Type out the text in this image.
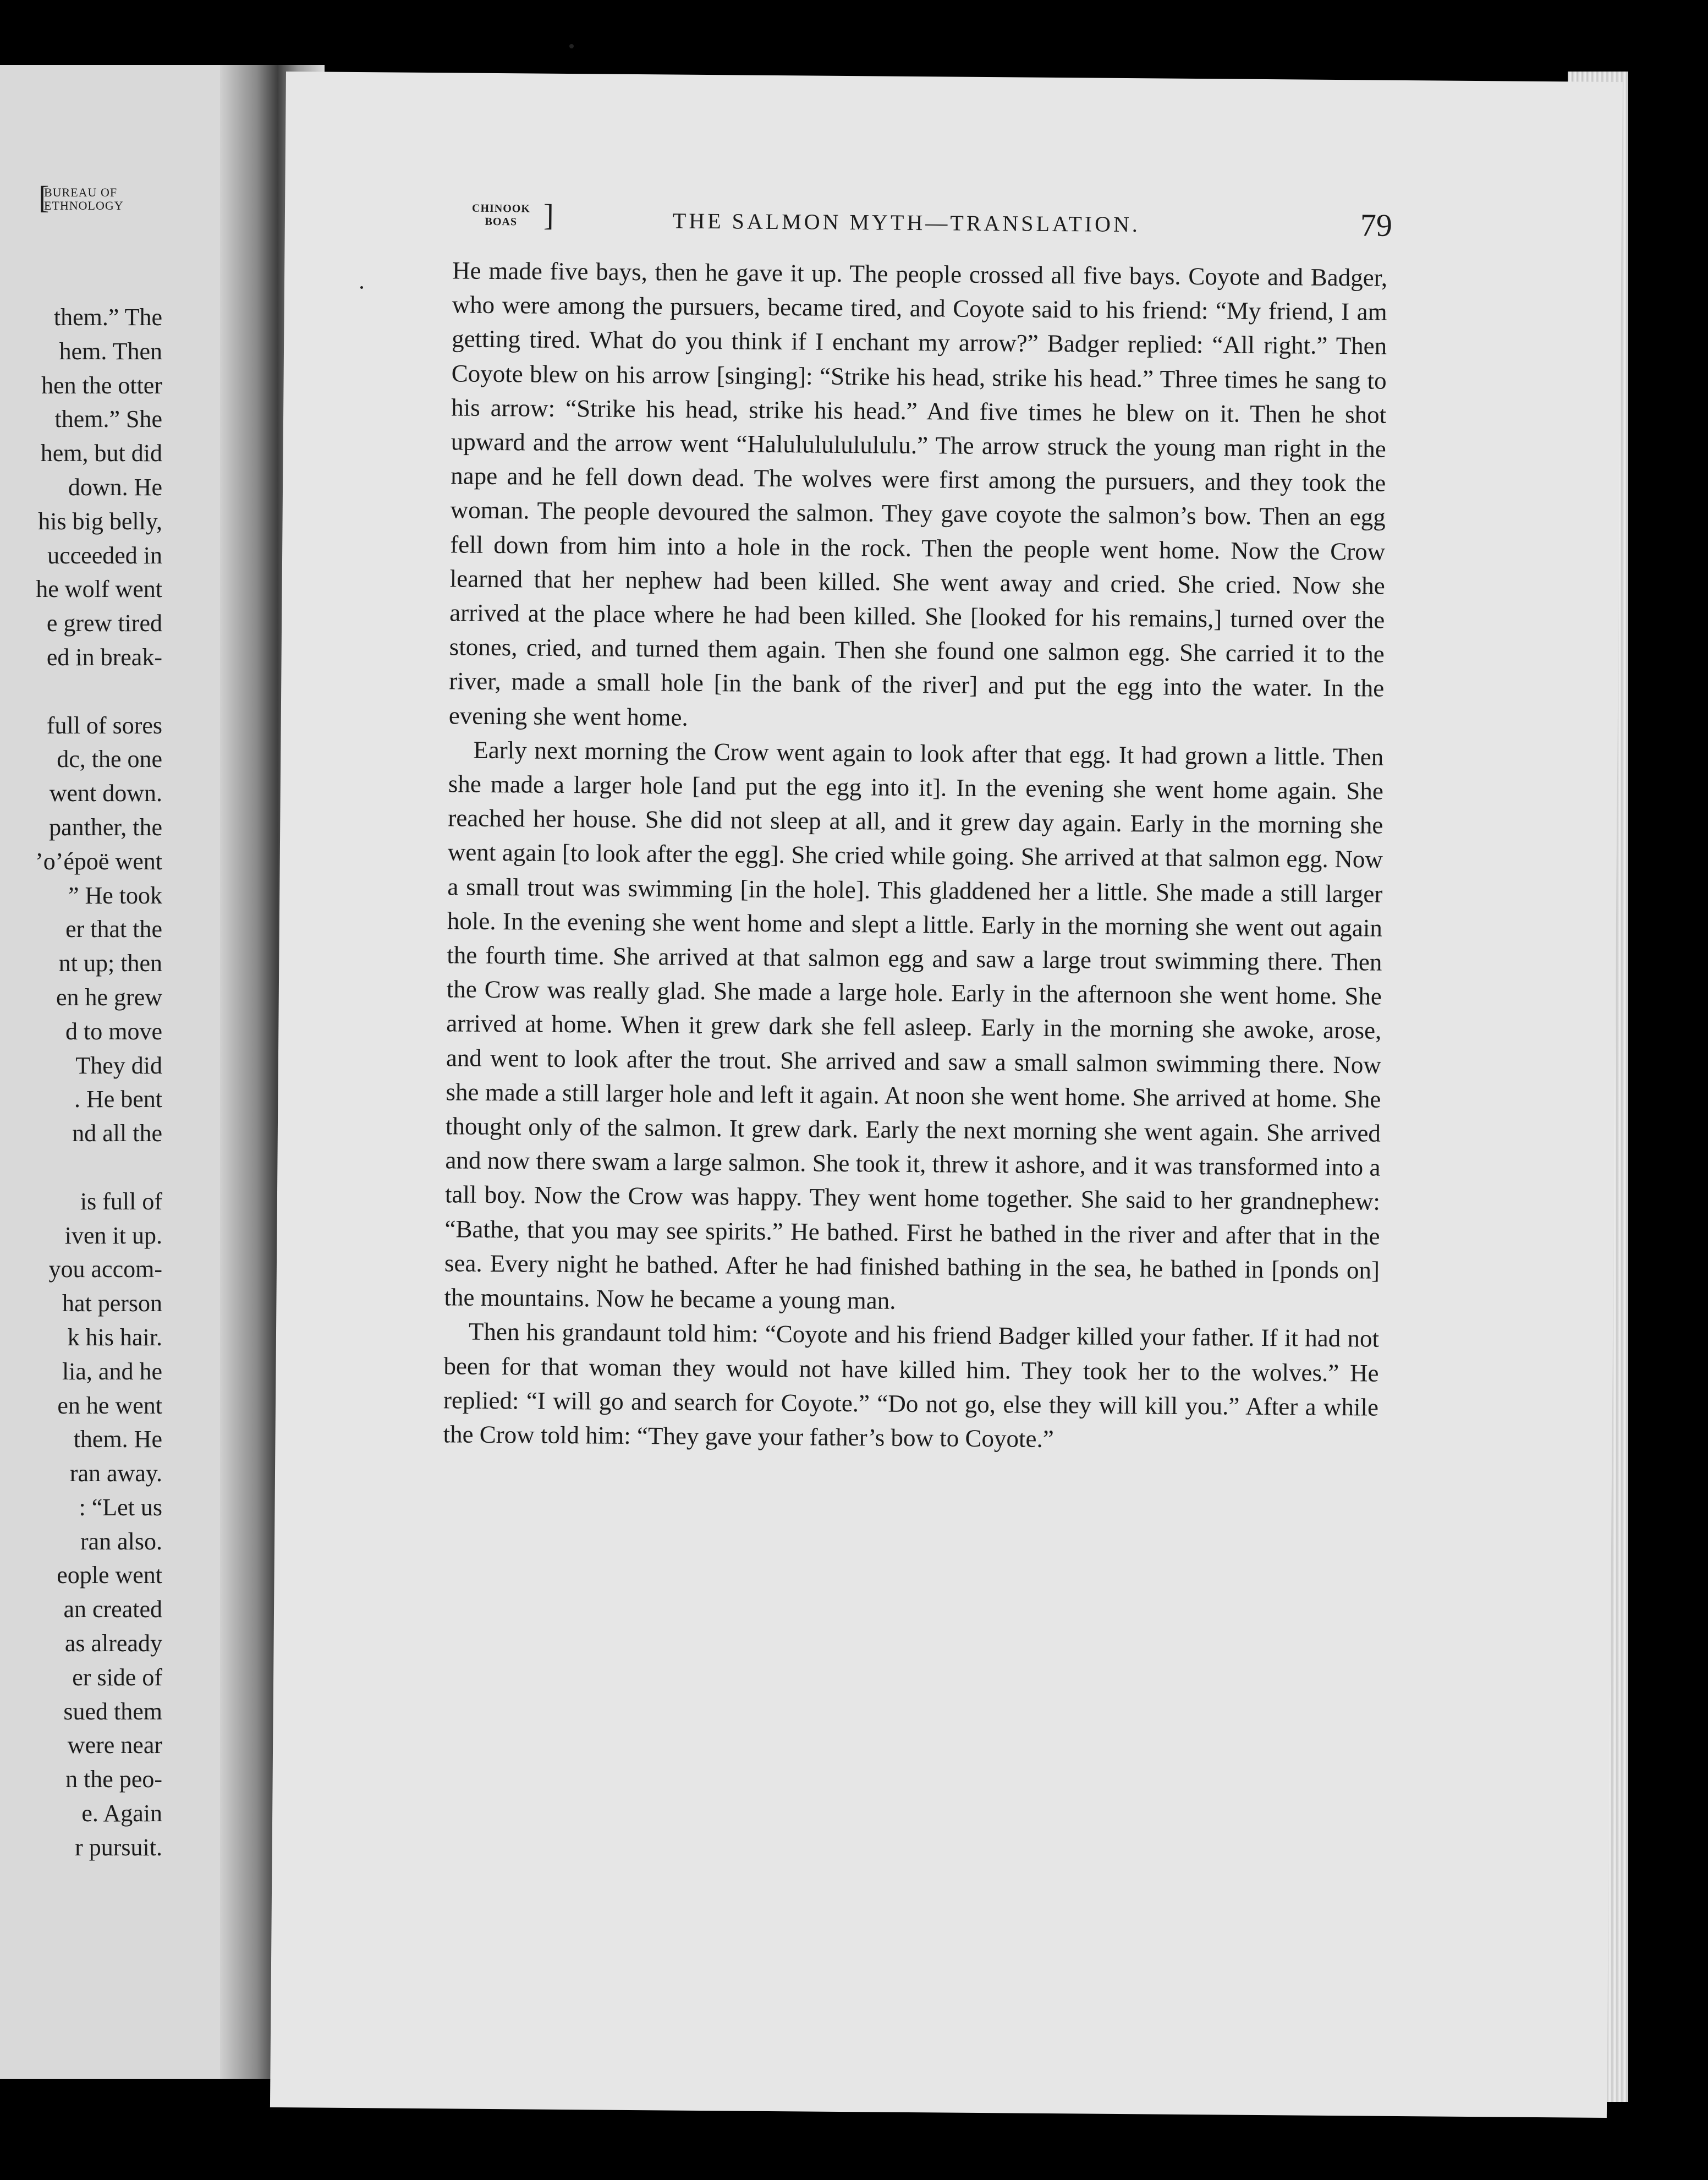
[
BUREAU OF
ETHNOLOGY
them.” The
hem. Then
hen the otter
them.” She
hem, but did
down. He
his big belly,
ucceeded in
he wolf went
e grew tired
ed in break-
full of sores
dc, the one
went down.
panther, the
’o’époë went
” He took
er that the
nt up; then
en he grew
d to move
They did
. He bent
nd all the
is full of
iven it up.
you accom-
hat person
k his hair.
lia, and he
en he went
them. He
ran away.
: “Let us
ran also.
eople went
an created
as already
er side of
sued them
were near
n the peo-
e. Again
r pursuit.
CHINOOK
BOAS ]	THE SALMON MYTH—TRANSLATION.	79

He made five bays, then he gave it up. The people crossed all five bays. Coyote and Badger, who were among the pursuers, became tired, and Coyote said to his friend: “My friend, I am getting tired. What do you think if I enchant my arrow?” Badger replied: “All right.” Then Coyote blew on his arrow [singing]: “Strike his head, strike his head.” Three times he sang to his arrow: “Strike his head, strike his head.” And five times he blew on it. Then he shot upward and the arrow went “Halululululululu.” The arrow struck the young man right in the nape and he fell down dead. The wolves were first among the pursuers, and they took the woman. The people devoured the salmon. They gave coyote the salmon’s bow. Then an egg fell down from him into a hole in the rock. Then the people went home. Now the Crow learned that her nephew had been killed. She went away and cried. She cried. Now she arrived at the place where he had been killed. She [looked for his remains,] turned over the stones, cried, and turned them again. Then she found one salmon egg. She carried it to the river, made a small hole [in the bank of the river] and put the egg into the water. In the evening she went home.

Early next morning the Crow went again to look after that egg. It had grown a little. Then she made a larger hole [and put the egg into it]. In the evening she went home again. She reached her house. She did not sleep at all, and it grew day again. Early in the morning she went again [to look after the egg]. She cried while going. She arrived at that salmon egg. Now a small trout was swimming [in the hole]. This gladdened her a little. She made a still larger hole. In the evening she went home and slept a little. Early in the morning she went out again the fourth time. She arrived at that salmon egg and saw a large trout swimming there. Then the Crow was really glad. She made a large hole. Early in the afternoon she went home. She arrived at home. When it grew dark she fell asleep. Early in the morning she awoke, arose, and went to look after the trout. She arrived and saw a small salmon swimming there. Now she made a still larger hole and left it again. At noon she went home. She arrived at home. She thought only of the salmon. It grew dark. Early the next morning she went again. She arrived and now there swam a large salmon. She took it, threw it ashore, and it was transformed into a tall boy. Now the Crow was happy. They went home together. She said to her grandnephew: “Bathe, that you may see spirits.” He bathed. First he bathed in the river and after that in the sea. Every night he bathed. After he had finished bathing in the sea, he bathed in [ponds on] the mountains. Now he became a young man.

Then his grandaunt told him: “Coyote and his friend Badger killed your father. If it had not been for that woman they would not have killed him. They took her to the wolves.” He replied: “I will go and search for Coyote.” “Do not go, else they will kill you.” After a while the Crow told him: “They gave your father’s bow to Coyote.”
